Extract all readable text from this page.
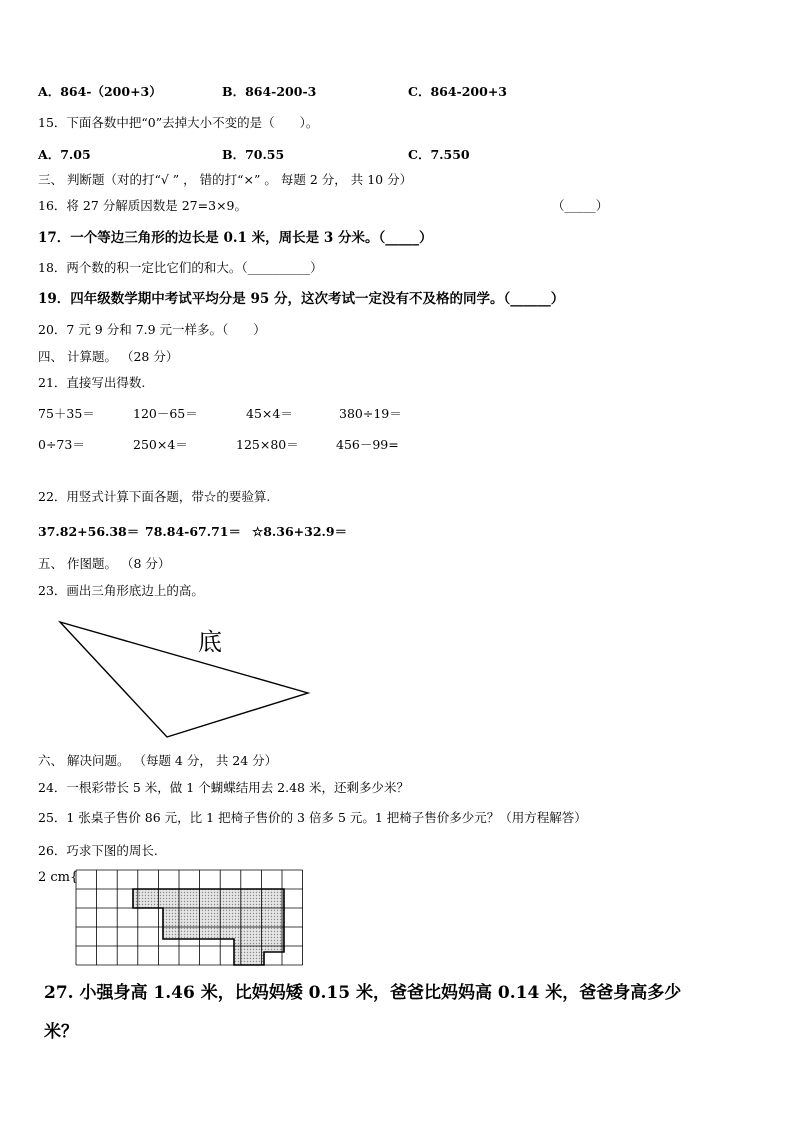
A．864-（200+3）	B．864-200-3	C．864-200+3
15．下面各数中把“0”去掉大小不变的是（　　）。
A．7.05	B．70.55	C．7.550
三、 判断题（对的打“√ ” ， 错的打“×” 。 每题 2 分， 共 10 分）
16．将 27 分解质因数是 27=3×9。	（_____）
17．一个等边三角形的边长是 0.1 米，周长是 3 分米。（_____）
18．两个数的积一定比它们的和大。（__________）
19．四年级数学期中考试平均分是 95 分，这次考试一定没有不及格的同学。（______）
20．7 元 9 分和 7.9 元一样多。（　　）
四、 计算题。 （28 分）
21．直接写出得数.
75＋35＝	120－65＝	45×4＝	380÷19＝
0÷73＝	250×4＝	125×80＝	456－99=
22．用竖式计算下面各题，带☆的要验算.
37.82+56.38＝ 78.84-67.71＝ ☆8.36+32.9＝
五、 作图题。 （8 分）
23．画出三角形底边上的高。
底
六、 解决问题。 （每题 4 分， 共 24 分）
24．一根彩带长 5 米，做 1 个蝴蝶结用去 2.48 米，还剩多少米？
25．1 张桌子售价 86 元，比 1 把椅子售价的 3 倍多 5 元。1 把椅子售价多少元？（用方程解答）
26．巧求下图的周长.
2 cm{
27. 小强身高 1.46 米，比妈妈矮 0.15 米，爸爸比妈妈高 0.14 米，爸爸身高多少
米？
